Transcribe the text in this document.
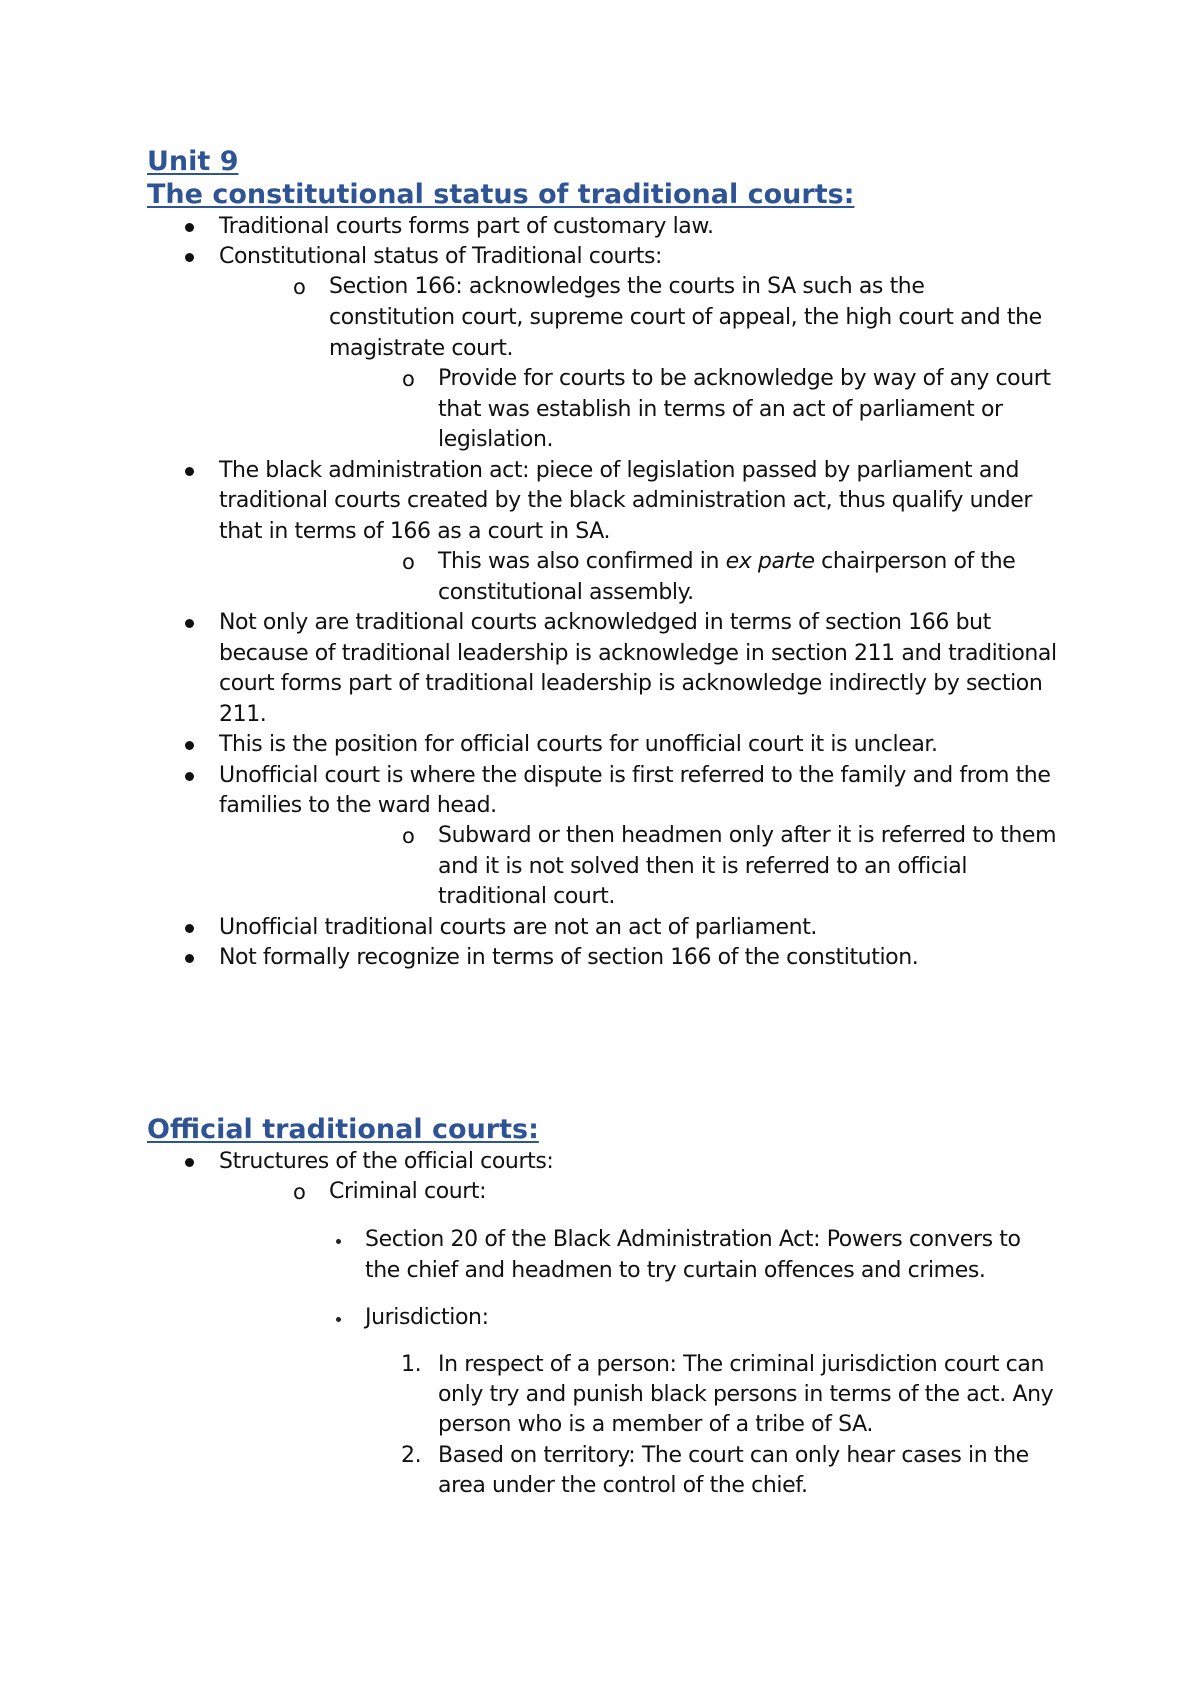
Unit 9
The constitutional status of traditional courts:
Traditional courts forms part of customary law.
Constitutional status of Traditional courts:
o Section 166: acknowledges the courts in SA such as the
constitution court, supreme court of appeal, the high court and the
magistrate court.
o Provide for courts to be acknowledge by way of any court
that was establish in terms of an act of parliament or
legislation.
The black administration act: piece of legislation passed by parliament and
traditional courts created by the black administration act, thus qualify under
that in terms of 166 as a court in SA.
o This was also confirmed in ex parte chairperson of the
constitutional assembly.
Not only are traditional courts acknowledged in terms of section 166 but
because of traditional leadership is acknowledge in section 211 and traditional
court forms part of traditional leadership is acknowledge indirectly by section
211.
This is the position for official courts for unofficial court it is unclear.
Unofficial court is where the dispute is first referred to the family and from the
families to the ward head.
o Subward or then headmen only after it is referred to them
and it is not solved then it is referred to an official
traditional court.
Unofficial traditional courts are not an act of parliament.
Not formally recognize in terms of section 166 of the constitution.
Official traditional courts:
Structures of the official courts:
o Criminal court:
Section 20 of the Black Administration Act: Powers convers to
the chief and headmen to try curtain offences and crimes.
Jurisdiction:
1. In respect of a person: The criminal jurisdiction court can
only try and punish black persons in terms of the act. Any
person who is a member of a tribe of SA.
2. Based on territory: The court can only hear cases in the
area under the control of the chief.
